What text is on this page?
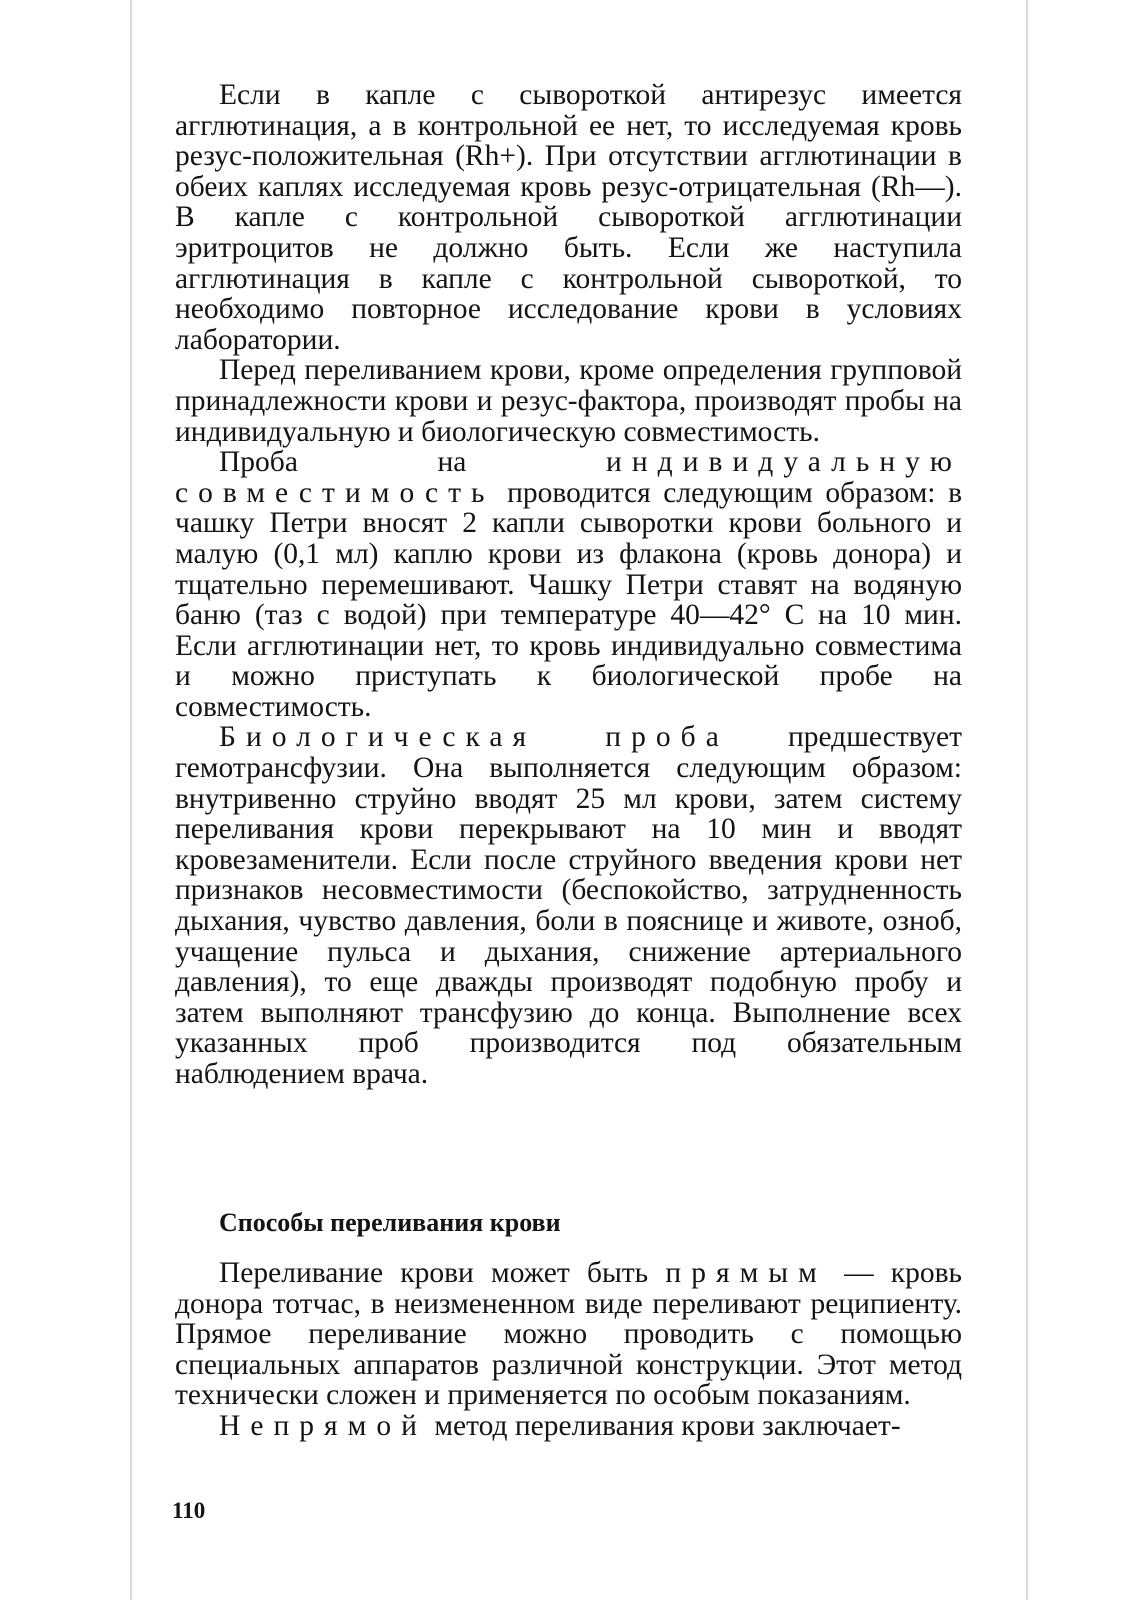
Если в капле с сывороткой антирезус имеется агглютинация, а в контрольной ее нет, то исследуемая кровь резус-положительная (Rh+). При отсутствии агглютинации в обеих каплях исследуемая кровь резус-отрицательная (Rh—). В капле с контрольной сывороткой агглютинации эритроцитов не должно быть. Если же наступила агглютинация в капле с контрольной сывороткой, то необходимо повторное исследование крови в условиях лаборатории.

Перед переливанием крови, кроме определения групповой принадлежности крови и резус-фактора, производят пробы на индивидуальную и биологическую совместимость.

Проба на	индивидуальную совместимость проводится следующим образом: в чашку Петри вносят 2 капли сыворотки крови больного и малую (0,1 мл) каплю крови из флакона (кровь донора) и тщательно перемешивают. Чашку Петри ставят на водяную баню (таз с водой) при температуре 40—42° С на 10 мин. Если агглютинации нет, то кровь индивидуально совместима и можно приступать к биологической пробе на совместимость.

Биологическая проба предшествует гемотрансфузии. Она выполняется следующим образом: внутривенно струйно вводят 25 мл крови, затем систему переливания крови перекрывают на 10 мин и вводят кровезаменители. Если после струйного введения крови нет признаков несовместимости (беспокойство, затрудненность дыхания, чувство давления, боли в пояснице и животе, озноб, учащение пульса и дыхания, снижение артериального давления), то еще дважды производят подобную пробу и затем выполняют трансфузию до конца. Выполнение всех указанных проб производится под обязательным наблюдением врача.

Способы переливания крови

Переливание крови может быть прямым — кровь донора тотчас, в неизмененном виде переливают реципиенту. Прямое переливание можно проводить с помощью специальных аппаратов различной конструкции. Этот метод технически сложен и применяется по особым показаниям.

Непрямой метод переливания крови заключает-

110
